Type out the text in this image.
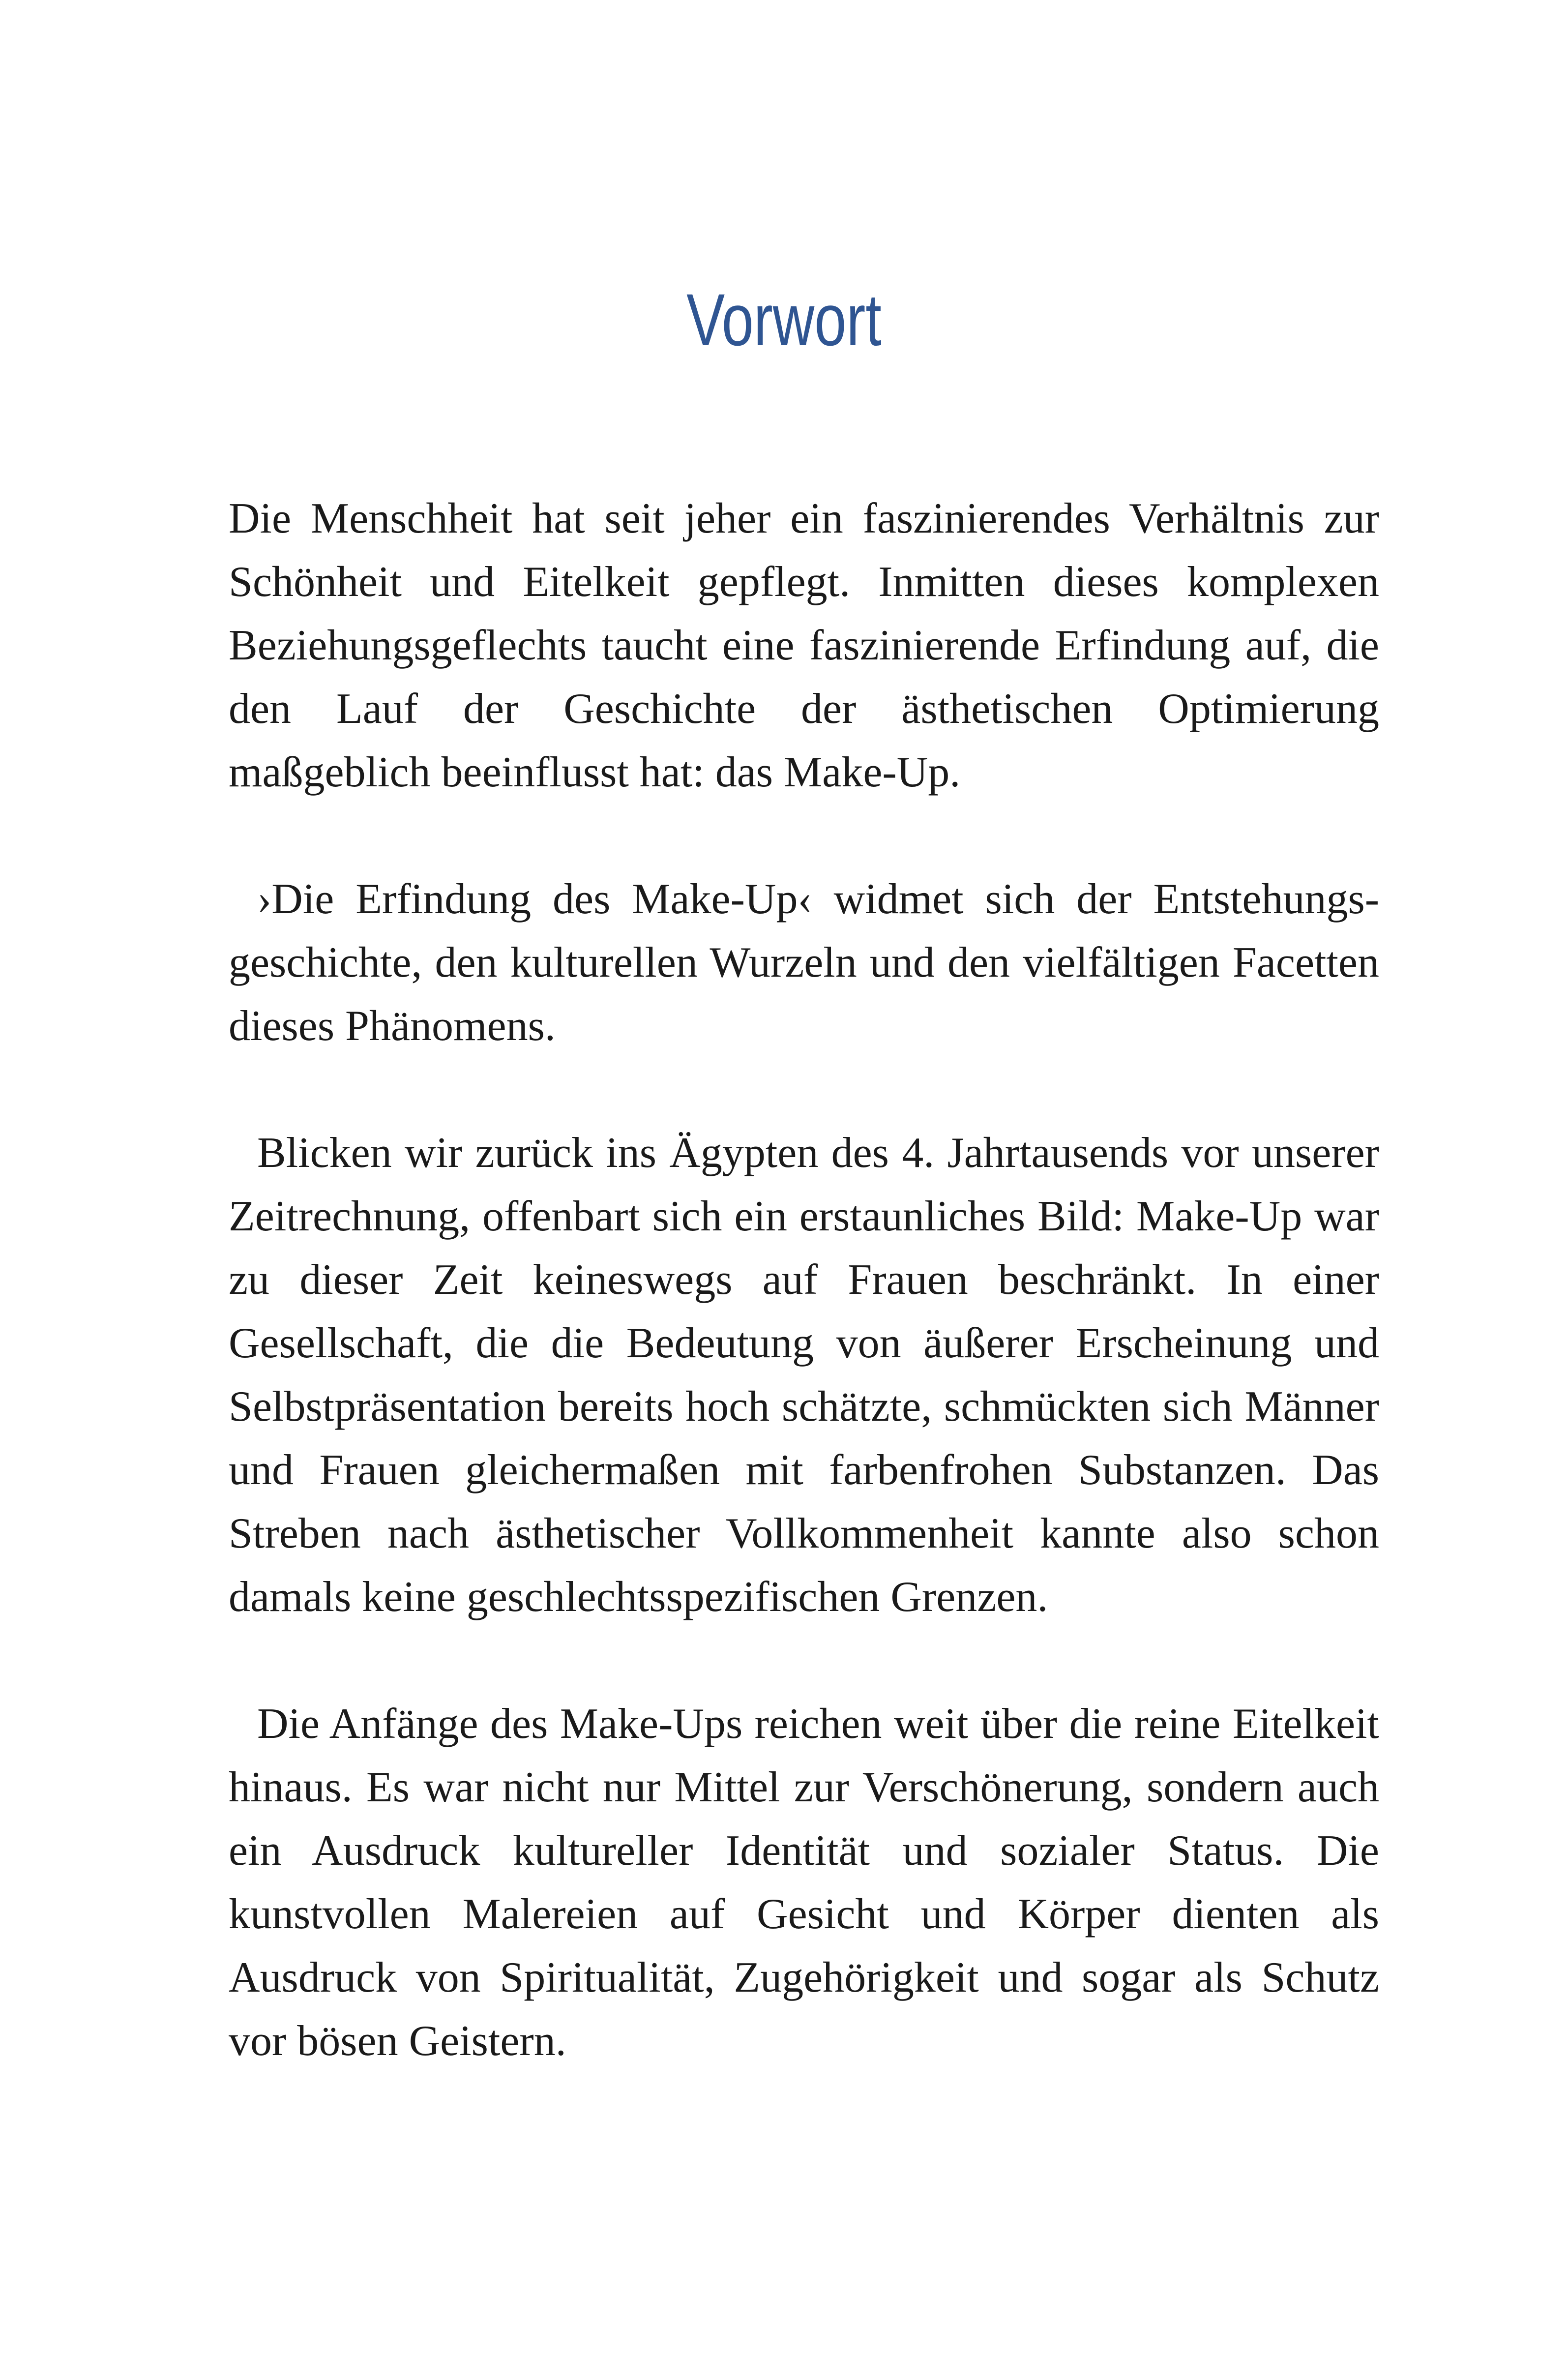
Vorwort

Die Menschheit hat seit jeher ein faszinierendes Verhältnis zur Schönheit und Eitelkeit gepflegt. Inmitten dieses komplexen Beziehungsgeflechts taucht eine faszinierende Erfindung auf, die den Lauf der Geschichte der ästhetischen Optimierung maßgeblich beeinflusst hat: das Make-Up.

›Die Erfindung des Make-Up‹ widmet sich der Entstehungsgeschichte, den kulturellen Wurzeln und den vielfältigen Facetten dieses Phänomens.

Blicken wir zurück ins Ägypten des 4. Jahrtausends vor unserer Zeitrechnung, offenbart sich ein erstaunliches Bild: Make-Up war zu dieser Zeit keineswegs auf Frauen beschränkt. In einer Gesellschaft, die die Bedeutung von äußerer Erscheinung und Selbstpräsentation bereits hoch schätzte, schmückten sich Männer und Frauen gleichermaßen mit farbenfrohen Substanzen. Das Streben nach ästhetischer Vollkommenheit kannte also schon damals keine geschlechtsspezifischen Grenzen.

Die Anfänge des Make-Ups reichen weit über die reine Eitelkeit hinaus. Es war nicht nur Mittel zur Verschönerung, sondern auch ein Ausdruck kultureller Identität und sozialer Status. Die kunstvollen Malereien auf Gesicht und Körper dienten als Ausdruck von Spiritualität, Zugehörigkeit und sogar als Schutz vor bösen Geistern.
